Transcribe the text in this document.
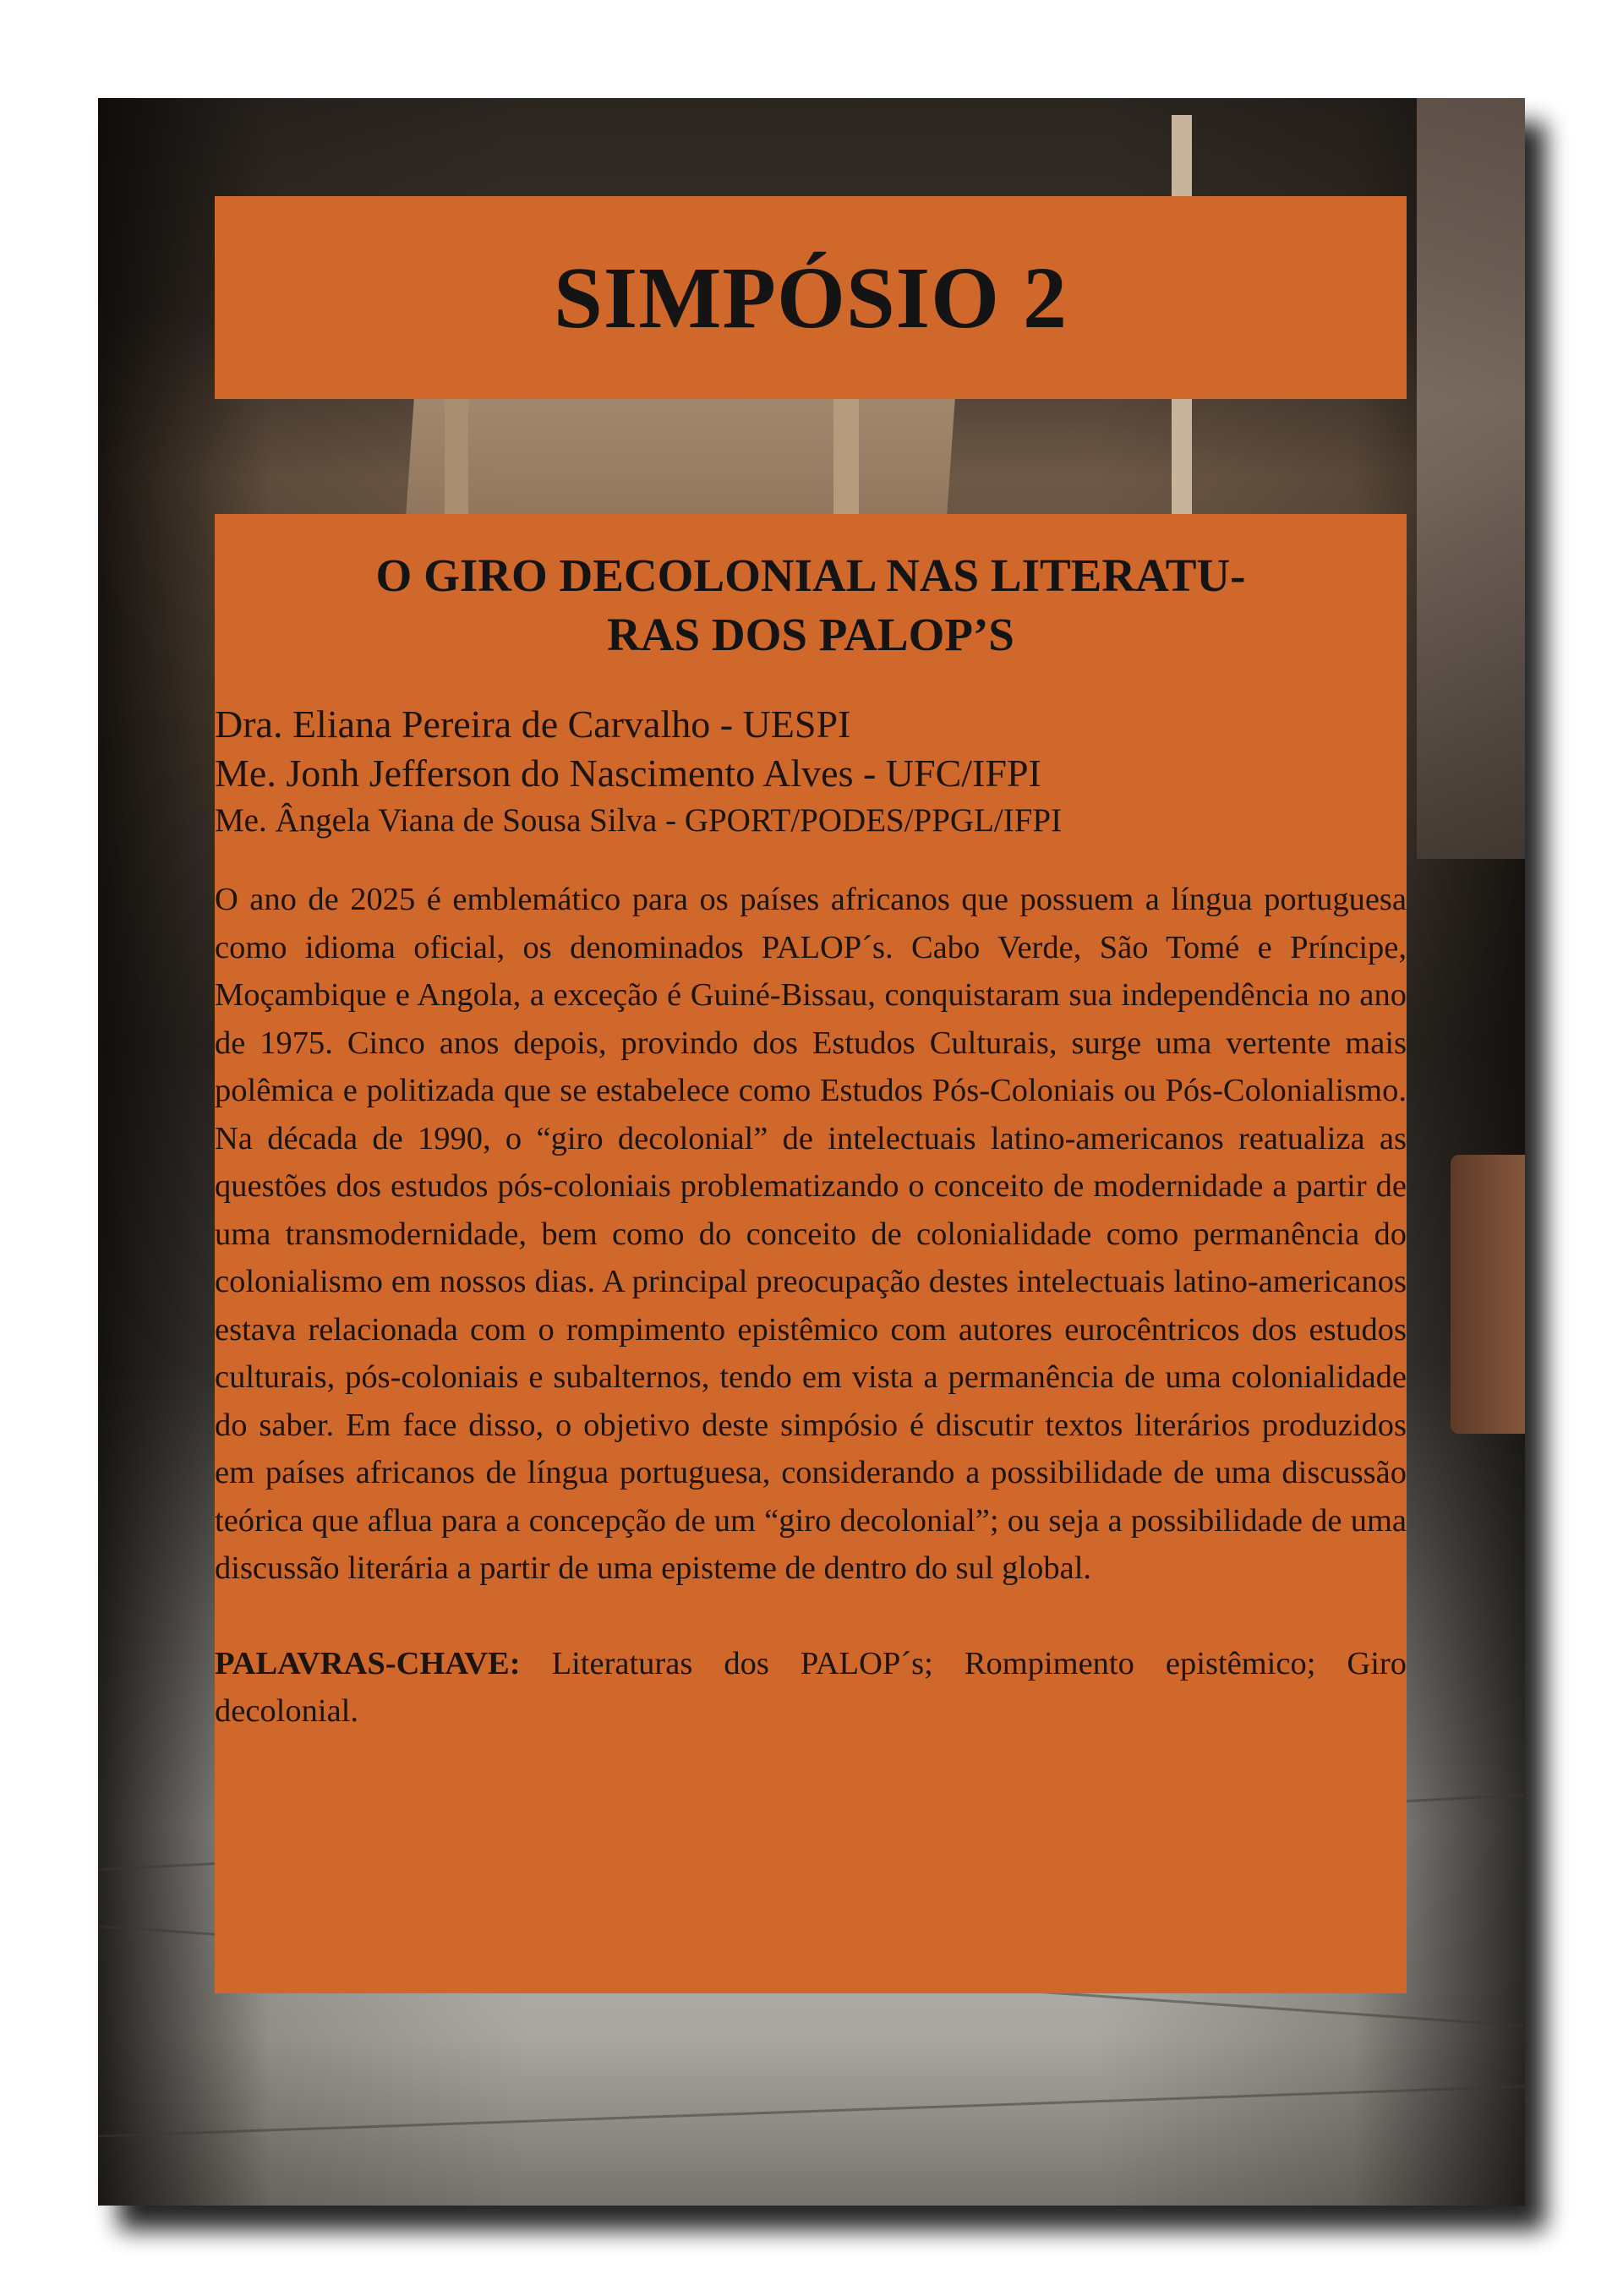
SIMPÓSIO 2
O GIRO DECOLONIAL NAS LITERATU-
RAS DOS PALOP’S
Dra. Eliana Pereira de Carvalho - UESPI
Me. Jonh Jefferson do Nascimento Alves - UFC/IFPI
Me. Ângela Viana de Sousa Silva - GPORT/PODES/PPGL/IFPI

O ano de 2025 é emblemático para os países africanos que possuem a língua portuguesa como idioma oficial, os denominados PALOP´s. Cabo Verde, São Tomé e Príncipe, Moçambique e Angola, a exceção é Guiné-Bissau, conquistaram sua independência no ano de 1975. Cinco anos depois, provindo dos Estudos Culturais, surge uma vertente mais polêmica e politizada que se estabelece como Estudos Pós-Coloniais ou Pós-Colonialismo. Na década de 1990, o “giro decolonial” de intelectuais latino-americanos reatualiza as questões dos estudos pós-coloniais problematizando o conceito de modernidade a partir de uma transmodernidade, bem como do conceito de colonialidade como permanência do colonialismo em nossos dias. A principal preocupação destes intelectuais latino-americanos estava relacionada com o rompimento epistêmico com autores eurocêntricos dos estudos culturais, pós-coloniais e subalternos, tendo em vista a permanência de uma colonialidade do saber. Em face disso, o objetivo deste simpósio é discutir textos literários produzidos em países africanos de língua portuguesa, considerando a possibilidade de uma discussão teórica que aflua para a concepção de um “giro decolonial”; ou seja a possibilidade de uma discussão literária a partir de uma episteme de dentro do sul global.

PALAVRAS-CHAVE: Literaturas dos PALOP´s; Rompimento epistêmico; Giro decolonial.
